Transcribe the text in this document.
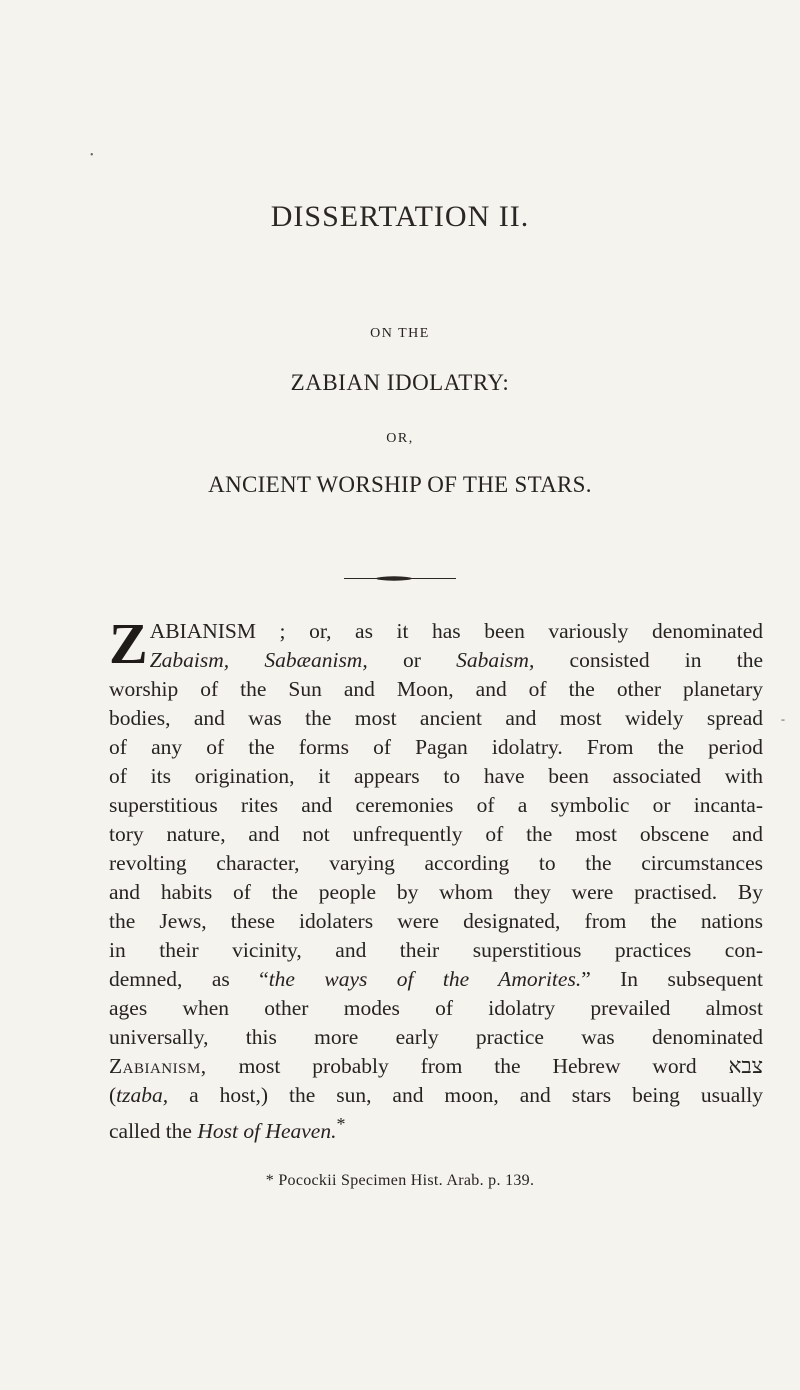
•
DISSERTATION II.
ON THE
ZABIAN IDOLATRY:
OR,
ANCIENT WORSHIP OF THE STARS.
-
Z ABIANISM ; or, as it has been variously denominated
Zabaism, Sabæanism, or Sabaism, consisted in the
worship of the Sun and Moon, and of the other planetary
bodies, and was the most ancient and most widely spread
of any of the forms of Pagan idolatry. From the period
of its origination, it appears to have been associated with
superstitious rites and ceremonies of a symbolic or incanta-
tory nature, and not unfrequently of the most obscene and
revolting character, varying according to the circumstances
and habits of the people by whom they were practised. By
the Jews, these idolaters were designated, from the nations
in their vicinity, and their superstitious practices con-
demned, as “the ways of the Amorites.” In subsequent
ages when other modes of idolatry prevailed almost
universally, this more early practice was denominated
Zabianism, most probably from the Hebrew word צבא
(tzaba, a host,) the sun, and moon, and stars being usually
called the Host of Heaven.*
* Pocockii Specimen Hist. Arab. p. 139.
